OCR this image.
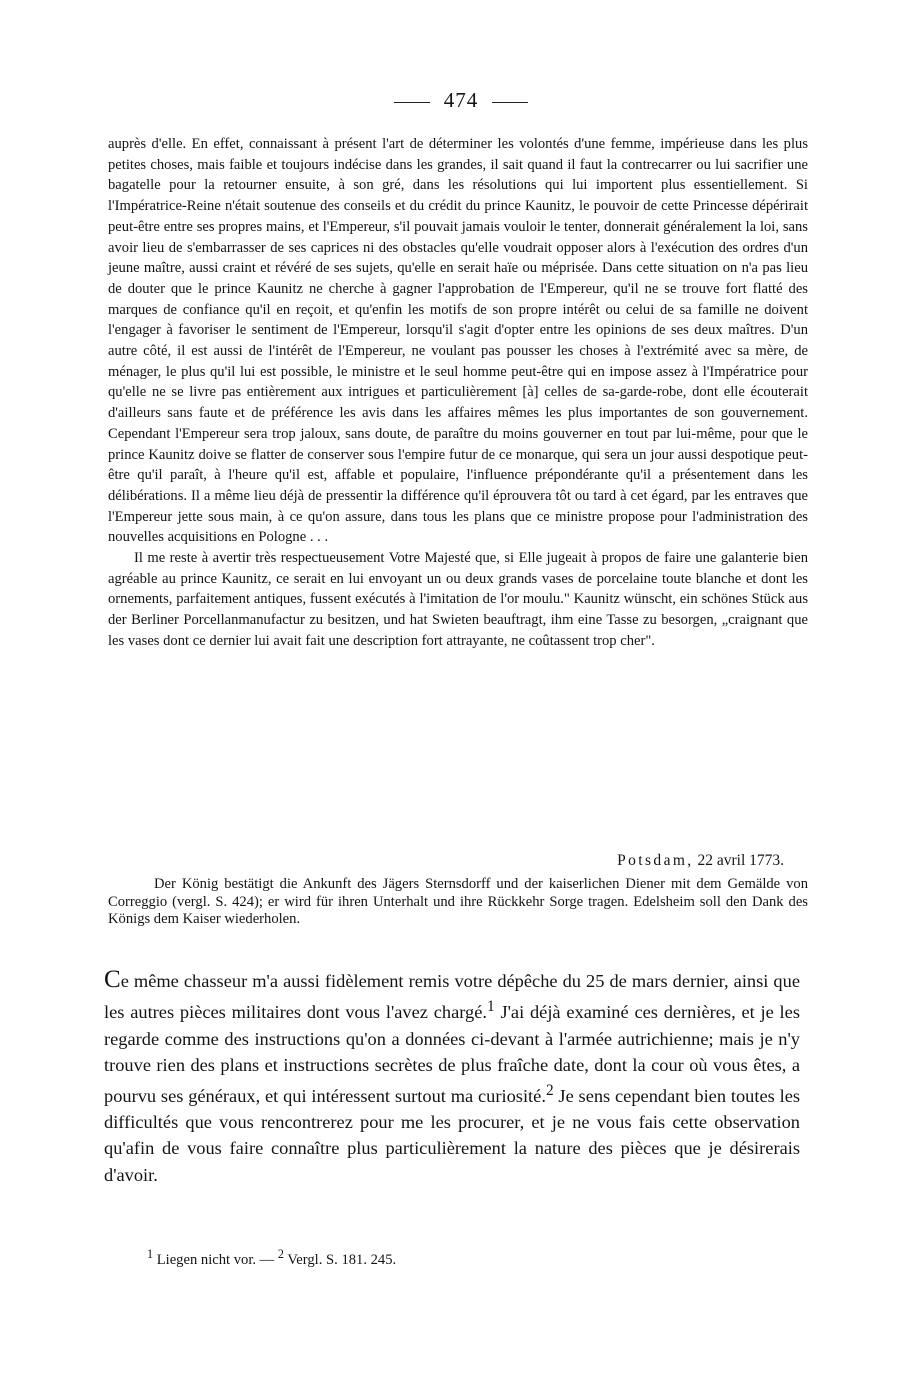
474

auprès d'elle. En effet, connaissant à présent l'art de déterminer les volontés d'une femme, impérieuse dans les plus petites choses, mais faible et toujours indécise dans les grandes, il sait quand il faut la contrecarrer ou lui sacrifier une bagatelle pour la retourner ensuite, à son gré, dans les résolutions qui lui importent plus essentiellement. Si l'Impératrice-Reine n'était soutenue des conseils et du crédit du prince Kaunitz, le pouvoir de cette Princesse dépérirait peut-être entre ses propres mains, et l'Empereur, s'il pouvait jamais vouloir le tenter, donnerait généralement la loi, sans avoir lieu de s'embarrasser de ses caprices ni des obstacles qu'elle voudrait opposer alors à l'exécution des ordres d'un jeune maître, aussi craint et révéré de ses sujets, qu'elle en serait haïe ou méprisée. Dans cette situation on n'a pas lieu de douter que le prince Kaunitz ne cherche à gagner l'approbation de l'Empereur, qu'il ne se trouve fort flatté des marques de confiance qu'il en reçoit, et qu'enfin les motifs de son propre intérêt ou celui de sa famille ne doivent l'engager à favoriser le sentiment de l'Empereur, lorsqu'il s'agit d'opter entre les opinions de ses deux maîtres. D'un autre côté, il est aussi de l'intérêt de l'Empereur, ne voulant pas pousser les choses à l'extrémité avec sa mère, de ménager, le plus qu'il lui est possible, le ministre et le seul homme peut-être qui en impose assez à l'Impératrice pour qu'elle ne se livre pas entièrement aux intrigues et particulièrement [à] celles de sa-garde-robe, dont elle écouterait d'ailleurs sans faute et de préférence les avis dans les affaires mêmes les plus importantes de son gouvernement. Cependant l'Empereur sera trop jaloux, sans doute, de paraître du moins gouverner en tout par lui-même, pour que le prince Kaunitz doive se flatter de conserver sous l'empire futur de ce monarque, qui sera un jour aussi despotique peut-être qu'il paraît, à l'heure qu'il est, affable et populaire, l'influence prépondérante qu'il a présentement dans les délibérations. Il a même lieu déjà de pressentir la différence qu'il éprouvera tôt ou tard à cet égard, par les entraves que l'Empereur jette sous main, à ce qu'on assure, dans tous les plans que ce ministre propose pour l'administration des nouvelles acquisitions en Pologne . . .

Il me reste à avertir très respectueusement Votre Majesté que, si Elle jugeait à propos de faire une galanterie bien agréable au prince Kaunitz, ce serait en lui envoyant un ou deux grands vases de porcelaine toute blanche et dont les ornements, parfaitement antiques, fussent exécutés à l'imitation de l'or moulu." Kaunitz wünscht, ein schönes Stück aus der Berliner Porcellanmanufactur zu besitzen, und hat Swieten beauftragt, ihm eine Tasse zu besorgen, „craignant que les vases dont ce dernier lui avait fait une description fort attrayante, ne coûtassent trop cher".

Potsdam, 22 avril 1773.

Der König bestätigt die Ankunft des Jägers Sternsdorff und der kaiserlichen Diener mit dem Gemälde von Correggio (vergl. S. 424); er wird für ihren Unterhalt und ihre Rückkehr Sorge tragen. Edelsheim soll den Dank des Königs dem Kaiser wiederholen.

Ce même chasseur m'a aussi fidèlement remis votre dépêche du 25 de mars dernier, ainsi que les autres pièces militaires dont vous l'avez chargé.$^1$ J'ai déjà examiné ces dernières, et je les regarde comme des instructions qu'on a données ci-devant à l'armée autrichienne; mais je n'y trouve rien des plans et instructions secrètes de plus fraîche date, dont la cour où vous êtes, a pourvu ses généraux, et qui intéressent surtout ma curiosité.$^2$ Je sens cependant bien toutes les difficultés que vous rencontrerez pour me les procurer, et je ne vous fais cette observation qu'afin de vous faire connaître plus particulièrement la nature des pièces que je désirerais d'avoir.

$^1$ Liegen nicht vor. — $^2$ Vergl. S. 181. 245.
